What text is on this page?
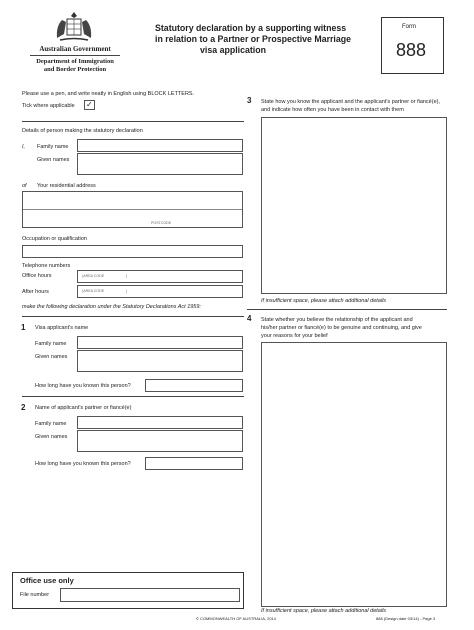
Australian Government
Department of Immigration
and Border Protection
Statutory declaration by a supporting witness
in relation to a Partner or Prospective Marriage
visa application
Form
888
Please use a pen, and write neatly in English using BLOCK LETTERS.
Tick where applicable ✓
Details of person making the statutory declaration
I, Family name
Given names
of Your residential address
POSTCODE
Occupation or qualification
Telephone numbers
Office hours	(AREA CODE	)
After hours	(AREA CODE	)
make the following declaration under the Statutory Declarations Act 1959:
1 Visa applicant's name
Family name
Given names
How long have you known this person?
2 Name of applicant's partner or fiancé(e)
Family name
Given names
How long have you known this person?
Office use only
File number
3 State how you know the applicant and the applicant's partner or fiancé(e),
and indicate how often you have been in contact with them
If insufficient space, please attach additional details
4 State whether you believe the relationship of the applicant and
his/her partner or fiancé(e) to be genuine and continuing, and give
your reasons for your belief
If insufficient space, please attach additional details
© COMMONWEALTH OF AUSTRALIA, 2014	888 (Design date 03/14) - Page 3
